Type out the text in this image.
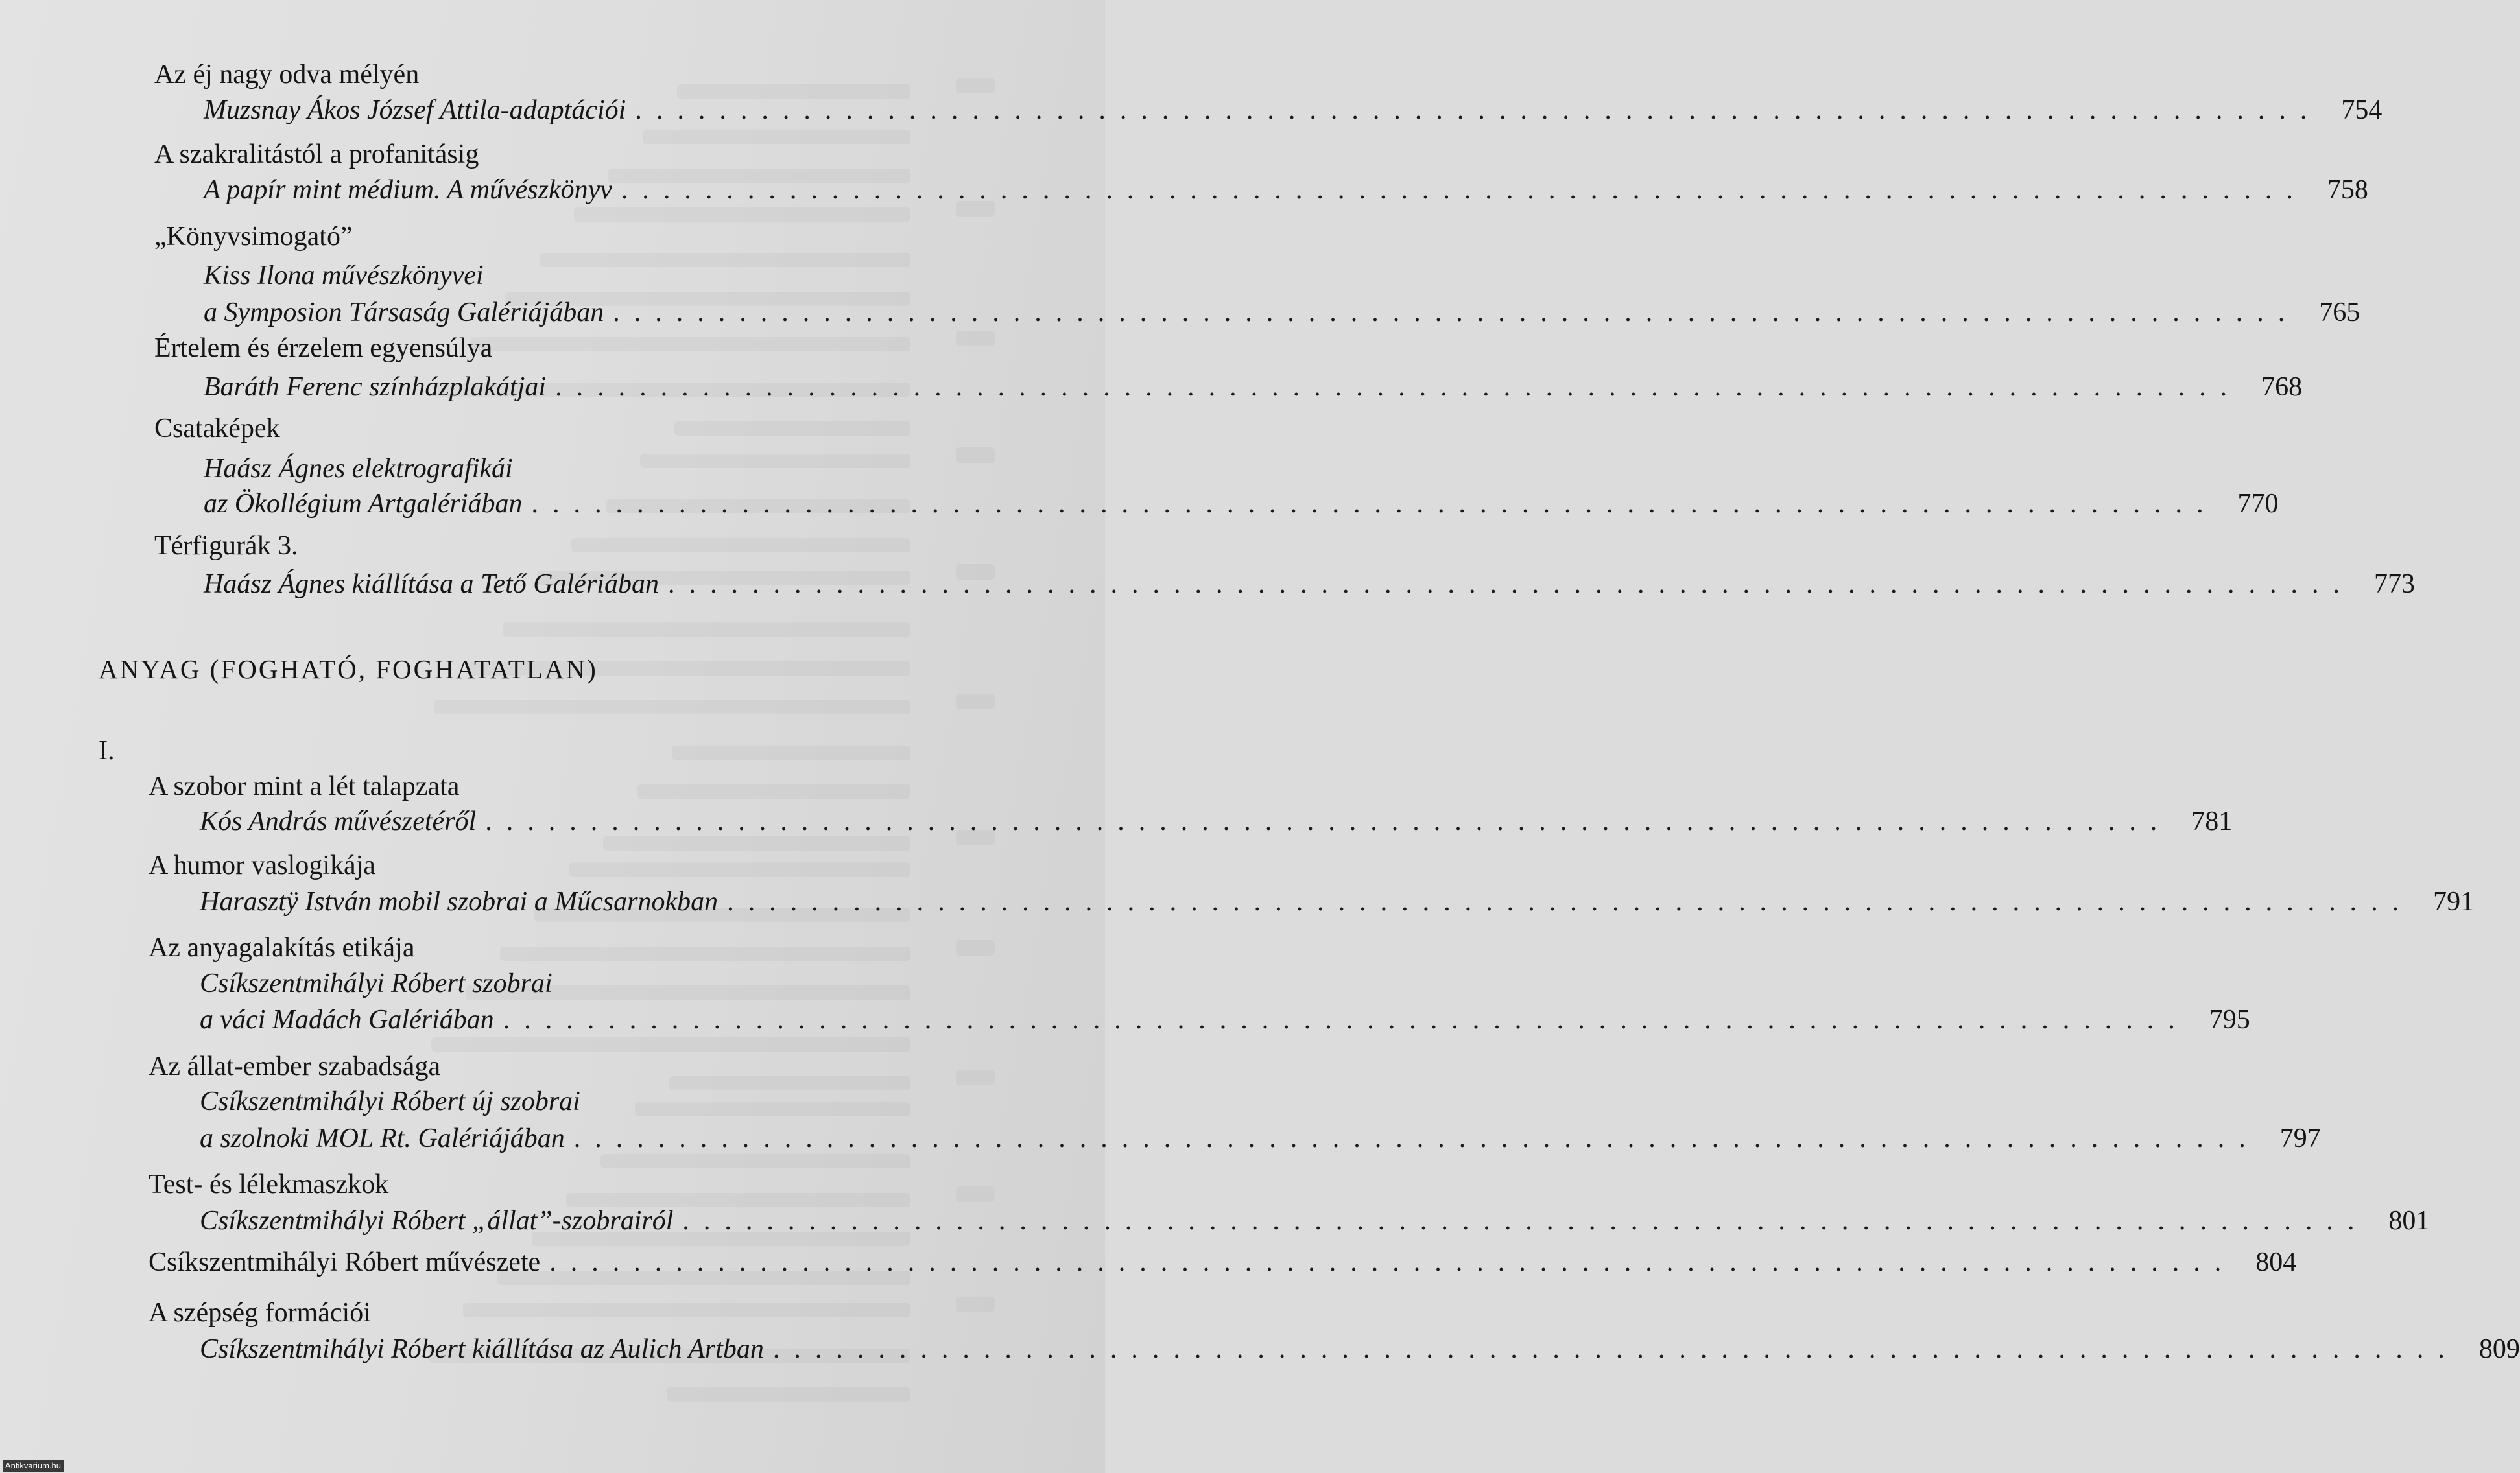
Az éj nagy odva mélyén
Muzsnay Ákos József Attila-adaptációi ................................................................................ 754
A szakralitástól a profanitásig
A papír mint médium. A művészkönyv ................................................................................ 758
„Könyvsimogató”
Kiss Ilona művészkönyvei
a Symposion Társaság Galériájában ................................................................................ 765
Értelem és érzelem egyensúlya
Baráth Ferenc színházplakátjai ................................................................................ 768
Csataképek
Haász Ágnes elektrografikái
az Ökollégium Artgalériában ................................................................................ 770
Térfigurák 3.
Haász Ágnes kiállítása a Tető Galériában ................................................................................ 773
ANYAG (FOGHATÓ, FOGHATATLAN)
I.
A szobor mint a lét talapzata
Kós András művészetéről ................................................................................ 781
A humor vaslogikája
Harasztÿ István mobil szobrai a Műcsarnokban ................................................................................ 791
Az anyagalakítás etikája
Csíkszentmihályi Róbert szobrai
a váci Madách Galériában ................................................................................ 795
Az állat-ember szabadsága
Csíkszentmihályi Róbert új szobrai
a szolnoki MOL Rt. Galériájában ................................................................................ 797
Test- és lélekmaszkok
Csíkszentmihályi Róbert „állat”-szobrairól ................................................................................ 801
Csíkszentmihályi Róbert művészete ................................................................................ 804
A szépség formációi
Csíkszentmihályi Róbert kiállítása az Aulich Artban ................................................................................ 809
Antikvarium.hu
